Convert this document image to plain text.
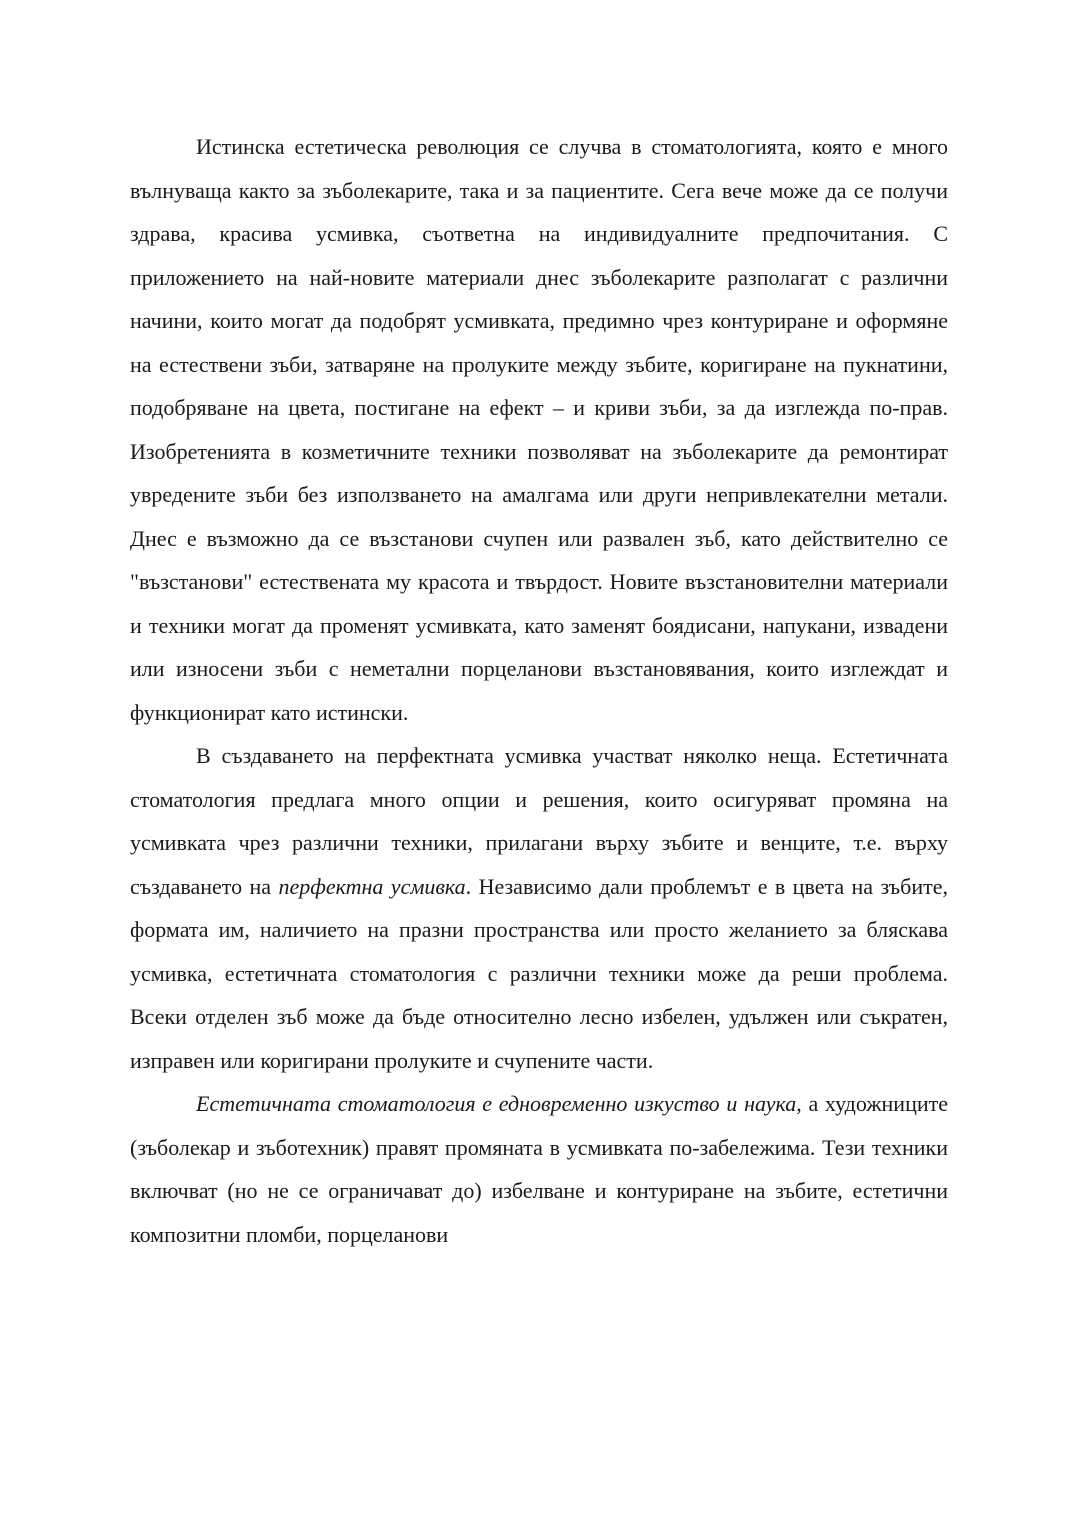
Истинска естетическа революция се случва в стоматологията, която е много вълнуваща както за зъболекарите, така и за пациентите. Сега вече може да се получи здрава, красива усмивка, съответна на индивидуалните предпочитания. С приложението на най-новите материали днес зъболекарите разполагат с различни начини, които могат да подобрят усмивката, предимно чрез контуриране и оформяне на естествени зъби, затваряне на пролуките между зъбите, коригиране на пукнатини, подобряване на цвета, постигане на ефект – и криви зъби, за да изглежда по-прав. Изобретенията в козметичните техники позволяват на зъболекарите да ремонтират увредените зъби без използването на амалгама или други непривлекателни метали. Днес е възможно да се възстанови счупен или развален зъб, като действително се "възстанови" естествената му красота и твърдост. Новите възстановителни материали и техники могат да променят усмивката, като заменят боядисани, напукани, извадени или износени зъби с неметални порцеланови възстановявания, които изглеждат и функционират като истински.

В създаването на перфектната усмивка участват няколко неща. Естетичната стоматология предлага много опции и решения, които осигуряват промяна на усмивката чрез различни техники, прилагани върху зъбите и венците, т.е. върху създаването на перфектна усмивка. Независимо дали проблемът е в цвета на зъбите, формата им, наличието на празни пространства или просто желанието за бляскава усмивка, естетичната стоматология с различни техники може да реши проблема. Всеки отделен зъб може да бъде относително лесно избелен, удължен или съкратен, изправен или коригирани пролуките и счупените части.

Естетичната стоматология е едновременно изкуство и наука, а художниците (зъболекар и зъботехник) правят промяната в усмивката по-забележима. Тези техники включват (но не се ограничават до) избелване и контуриране на зъбите, естетични композитни пломби, порцеланови
